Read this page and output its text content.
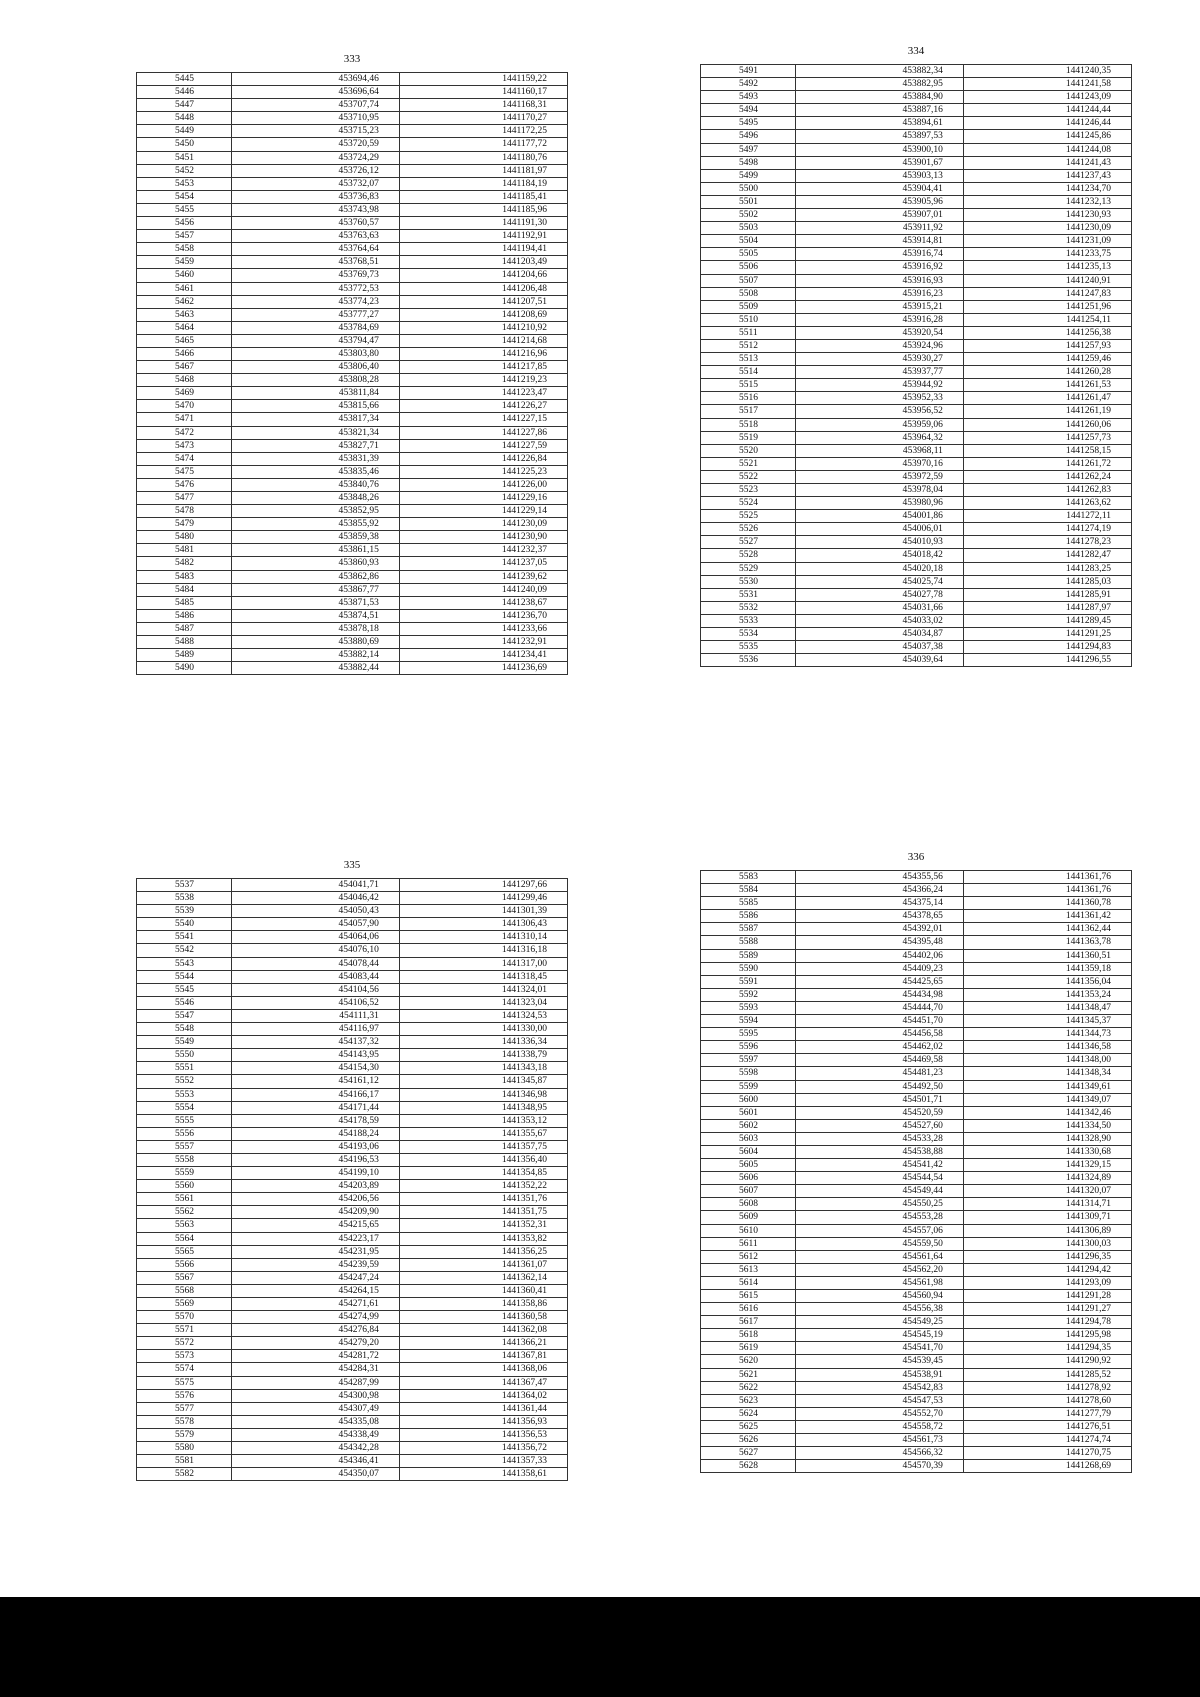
333
5445	453694,46	1441159,22
5446	453696,64	1441160,17
5447	453707,74	1441168,31
5448	453710,95	1441170,27
5449	453715,23	1441172,25
5450	453720,59	1441177,72
5451	453724,29	1441180,76
5452	453726,12	1441181,97
5453	453732,07	1441184,19
5454	453736,83	1441185,41
5455	453743,98	1441185,96
5456	453760,57	1441191,30
5457	453763,63	1441192,91
5458	453764,64	1441194,41
5459	453768,51	1441203,49
5460	453769,73	1441204,66
5461	453772,53	1441206,48
5462	453774,23	1441207,51
5463	453777,27	1441208,69
5464	453784,69	1441210,92
5465	453794,47	1441214,68
5466	453803,80	1441216,96
5467	453806,40	1441217,85
5468	453808,28	1441219,23
5469	453811,84	1441223,47
5470	453815,66	1441226,27
5471	453817,34	1441227,15
5472	453821,34	1441227,86
5473	453827,71	1441227,59
5474	453831,39	1441226,84
5475	453835,46	1441225,23
5476	453840,76	1441226,00
5477	453848,26	1441229,16
5478	453852,95	1441229,14
5479	453855,92	1441230,09
5480	453859,38	1441230,90
5481	453861,15	1441232,37
5482	453860,93	1441237,05
5483	453862,86	1441239,62
5484	453867,77	1441240,09
5485	453871,53	1441238,67
5486	453874,51	1441236,70
5487	453878,18	1441233,66
5488	453880,69	1441232,91
5489	453882,14	1441234,41
5490	453882,44	1441236,69
334
5491	453882,34	1441240,35
5492	453882,95	1441241,58
5493	453884,90	1441243,09
5494	453887,16	1441244,44
5495	453894,61	1441246,44
5496	453897,53	1441245,86
5497	453900,10	1441244,08
5498	453901,67	1441241,43
5499	453903,13	1441237,43
5500	453904,41	1441234,70
5501	453905,96	1441232,13
5502	453907,01	1441230,93
5503	453911,92	1441230,09
5504	453914,81	1441231,09
5505	453916,74	1441233,75
5506	453916,92	1441235,13
5507	453916,93	1441240,91
5508	453916,23	1441247,83
5509	453915,21	1441251,96
5510	453916,28	1441254,11
5511	453920,54	1441256,38
5512	453924,96	1441257,93
5513	453930,27	1441259,46
5514	453937,77	1441260,28
5515	453944,92	1441261,53
5516	453952,33	1441261,47
5517	453956,52	1441261,19
5518	453959,06	1441260,06
5519	453964,32	1441257,73
5520	453968,11	1441258,15
5521	453970,16	1441261,72
5522	453972,59	1441262,24
5523	453978,04	1441262,83
5524	453980,96	1441263,62
5525	454001,86	1441272,11
5526	454006,01	1441274,19
5527	454010,93	1441278,23
5528	454018,42	1441282,47
5529	454020,18	1441283,25
5530	454025,74	1441285,03
5531	454027,78	1441285,91
5532	454031,66	1441287,97
5533	454033,02	1441289,45
5534	454034,87	1441291,25
5535	454037,38	1441294,83
5536	454039,64	1441296,55
335
5537	454041,71	1441297,66
5538	454046,42	1441299,46
5539	454050,43	1441301,39
5540	454057,90	1441306,43
5541	454064,06	1441310,14
5542	454076,10	1441316,18
5543	454078,44	1441317,00
5544	454083,44	1441318,45
5545	454104,56	1441324,01
5546	454106,52	1441323,04
5547	454111,31	1441324,53
5548	454116,97	1441330,00
5549	454137,32	1441336,34
5550	454143,95	1441338,79
5551	454154,30	1441343,18
5552	454161,12	1441345,87
5553	454166,17	1441346,98
5554	454171,44	1441348,95
5555	454178,59	1441353,12
5556	454188,24	1441355,67
5557	454193,06	1441357,75
5558	454196,53	1441356,40
5559	454199,10	1441354,85
5560	454203,89	1441352,22
5561	454206,56	1441351,76
5562	454209,90	1441351,75
5563	454215,65	1441352,31
5564	454223,17	1441353,82
5565	454231,95	1441356,25
5566	454239,59	1441361,07
5567	454247,24	1441362,14
5568	454264,15	1441360,41
5569	454271,61	1441358,86
5570	454274,99	1441360,58
5571	454276,84	1441362,08
5572	454279,20	1441366,21
5573	454281,72	1441367,81
5574	454284,31	1441368,06
5575	454287,99	1441367,47
5576	454300,98	1441364,02
5577	454307,49	1441361,44
5578	454335,08	1441356,93
5579	454338,49	1441356,53
5580	454342,28	1441356,72
5581	454346,41	1441357,33
5582	454350,07	1441358,61
336
5583	454355,56	1441361,76
5584	454366,24	1441361,76
5585	454375,14	1441360,78
5586	454378,65	1441361,42
5587	454392,01	1441362,44
5588	454395,48	1441363,78
5589	454402,06	1441360,51
5590	454409,23	1441359,18
5591	454425,65	1441356,04
5592	454434,98	1441353,24
5593	454444,70	1441348,47
5594	454451,70	1441345,37
5595	454456,58	1441344,73
5596	454462,02	1441346,58
5597	454469,58	1441348,00
5598	454481,23	1441348,34
5599	454492,50	1441349,61
5600	454501,71	1441349,07
5601	454520,59	1441342,46
5602	454527,60	1441334,50
5603	454533,28	1441328,90
5604	454538,88	1441330,68
5605	454541,42	1441329,15
5606	454544,54	1441324,89
5607	454549,44	1441320,07
5608	454550,25	1441314,71
5609	454553,28	1441309,71
5610	454557,06	1441306,89
5611	454559,50	1441300,03
5612	454561,64	1441296,35
5613	454562,20	1441294,42
5614	454561,98	1441293,09
5615	454560,94	1441291,28
5616	454556,38	1441291,27
5617	454549,25	1441294,78
5618	454545,19	1441295,98
5619	454541,70	1441294,35
5620	454539,45	1441290,92
5621	454538,91	1441285,52
5622	454542,83	1441278,92
5623	454547,53	1441278,60
5624	454552,70	1441277,79
5625	454558,72	1441276,51
5626	454561,73	1441274,74
5627	454566,32	1441270,75
5628	454570,39	1441268,69
